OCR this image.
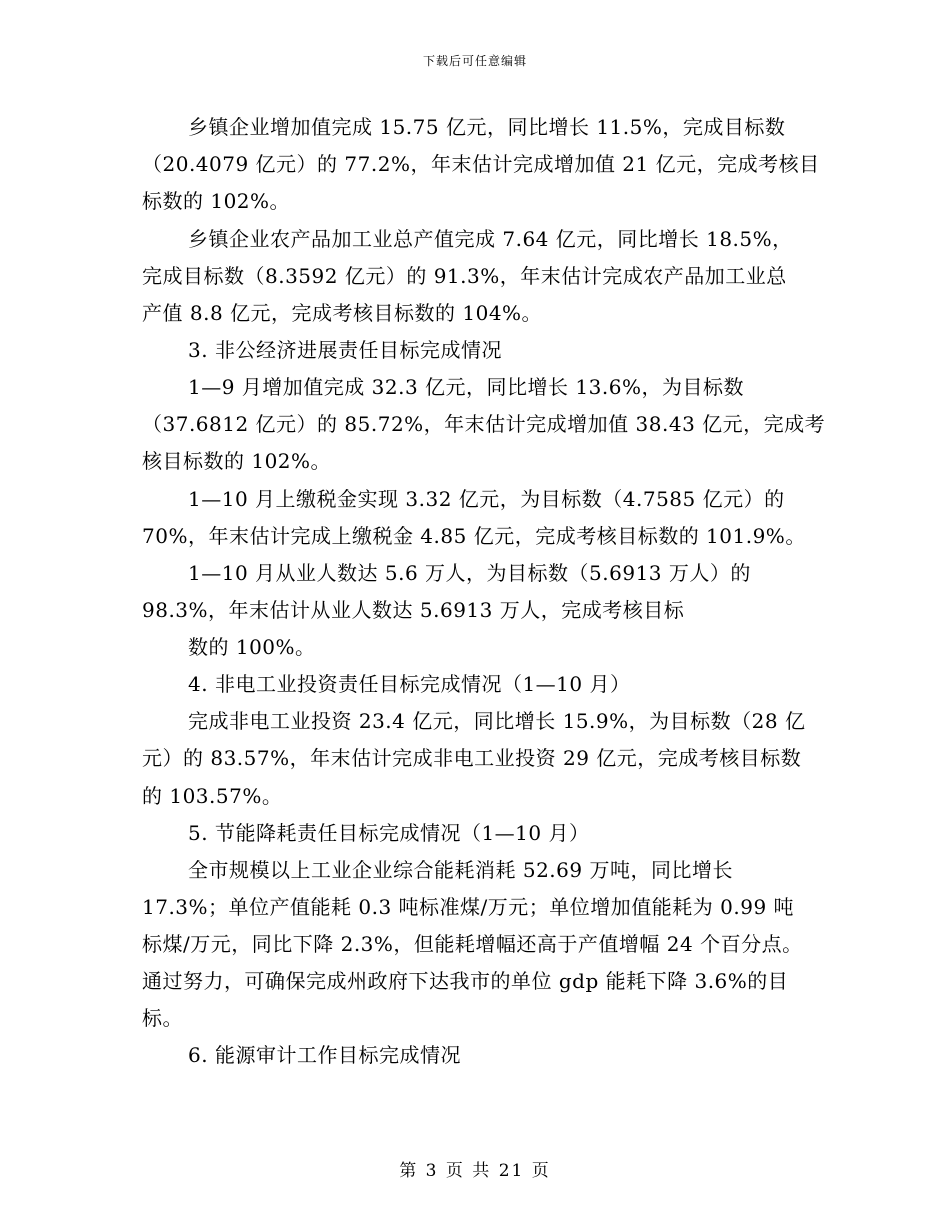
下载后可任意编辑
乡镇企业增加值完成 15.75 亿元，同比增长 11.5%，完成目标数
（20.4079 亿元）的 77.2%，年末估计完成增加值 21 亿元，完成考核目
标数的 102%。
乡镇企业农产品加工业总产值完成 7.64 亿元，同比增长 18.5%，
完成目标数（8.3592 亿元）的 91.3%，年末估计完成农产品加工业总
产值 8.8 亿元，完成考核目标数的 104%。
3. 非公经济进展责任目标完成情况
1—9 月增加值完成 32.3 亿元，同比增长 13.6%，为目标数
（37.6812 亿元）的 85.72%，年末估计完成增加值 38.43 亿元，完成考
核目标数的 102%。
1—10 月上缴税金实现 3.32 亿元，为目标数（4.7585 亿元）的
70%，年末估计完成上缴税金 4.85 亿元，完成考核目标数的 101.9%。
1—10 月从业人数达 5.6 万人，为目标数（5.6913 万人）的
98.3%，年末估计从业人数达 5.6913 万人，完成考核目标
数的 100%。
4. 非电工业投资责任目标完成情况（1—10 月）
完成非电工业投资 23.4 亿元，同比增长 15.9%，为目标数（28 亿
元）的 83.57%，年末估计完成非电工业投资 29 亿元，完成考核目标数
的 103.57%。
5. 节能降耗责任目标完成情况（1—10 月）
全市规模以上工业企业综合能耗消耗 52.69 万吨，同比增长
17.3%；单位产值能耗 0.3 吨标准煤/万元；单位增加值能耗为 0.99 吨
标煤/万元，同比下降 2.3%，但能耗增幅还高于产值增幅 24 个百分点。
通过努力，可确保完成州政府下达我市的单位 gdp 能耗下降 3.6%的目
标。
6. 能源审计工作目标完成情况
第 3 页 共 21 页
